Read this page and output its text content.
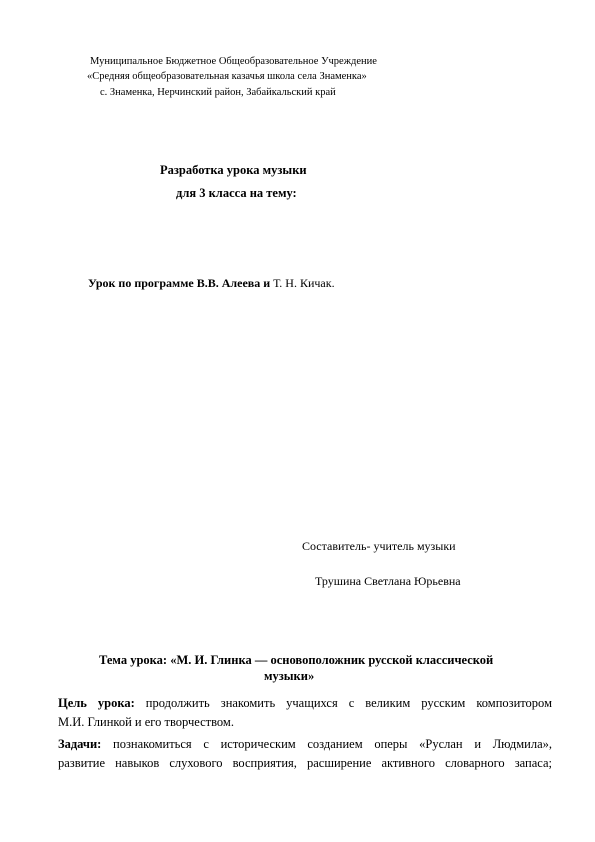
Муниципальное Бюджетное Общеобразовательное Учреждение
«Средняя общеобразовательная казачья школа села Знаменка»
с. Знаменка, Нерчинский район, Забайкальский край
Разработка урока музыки
для 3 класса на тему:
Урок по программе В.В. Алеева и Т. Н. Кичак.
Составитель- учитель музыки
Трушина Светлана Юрьевна
Тема урока: «М. И. Глинка — основоположник русской классической
музыки»
Цель урока: продолжить знакомить учащихся с великим русским композитором
М.И. Глинкой и его творчеством.
Задачи: познакомиться с историческим созданием оперы «Руслан и Людмила»,
развитие навыков слухового восприятия, расширение активного словарного запаса;
